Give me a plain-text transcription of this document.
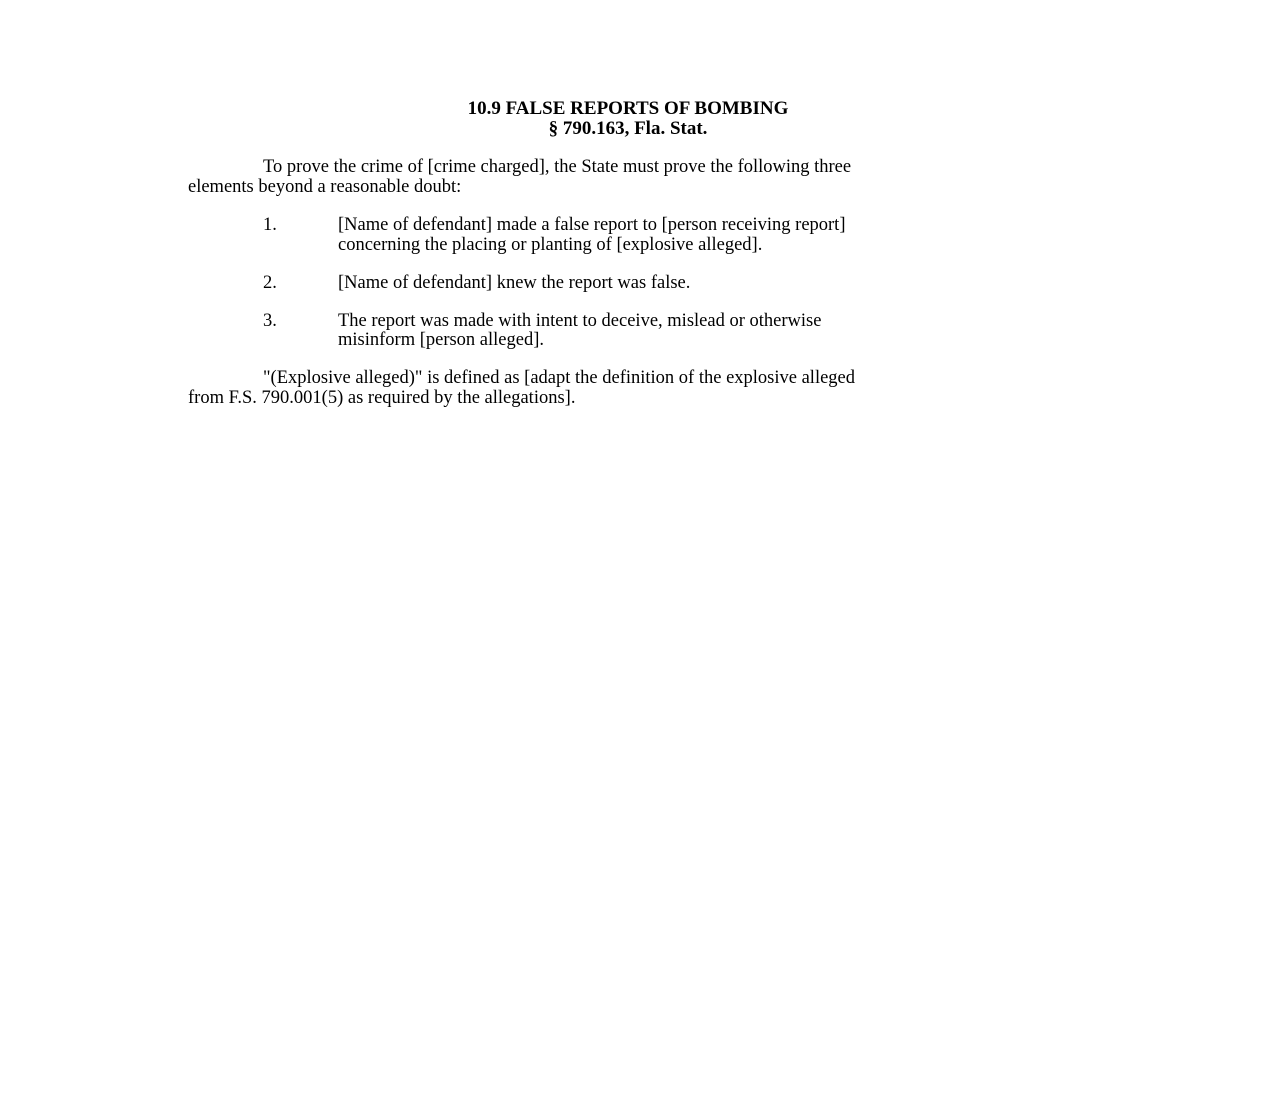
10.9 FALSE REPORTS OF BOMBING
§ 790.163, Fla. Stat.

To prove the crime of [crime charged], the State must prove the following three
elements beyond a reasonable doubt:

1.	[Name of defendant] made a false report to [person receiving report]
concerning the placing or planting of [explosive alleged].
2.	[Name of defendant] knew the report was false.
3.	The report was made with intent to deceive, mislead or otherwise
misinform [person alleged].

"(Explosive alleged)" is defined as [adapt the definition of the explosive alleged
from F.S. 790.001(5) as required by the allegations].
